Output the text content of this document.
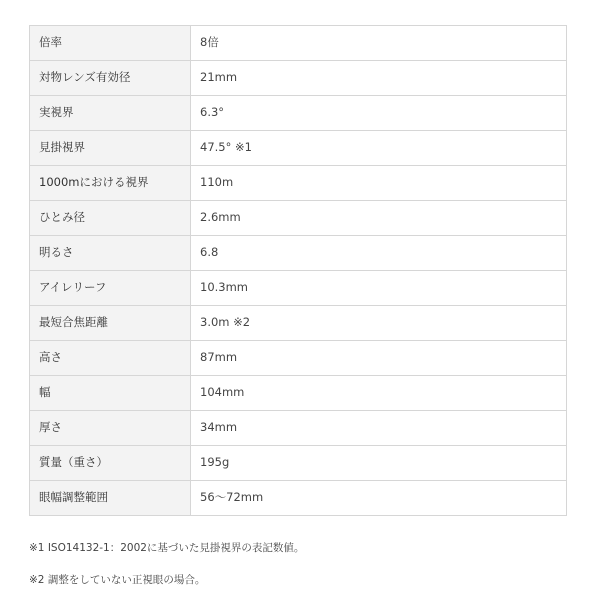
倍率	8倍
対物レンズ有効径	21mm
実視界	6.3°
見掛視界	47.5° ※1
1000mにおける視界	110m
ひとみ径	2.6mm
明るさ	6.8
アイレリーフ	10.3mm
最短合焦距離	3.0m ※2
高さ	87mm
幅	104mm
厚さ	34mm
質量（重さ）	195g
眼幅調整範囲	56～72mm
※1 ISO14132-1：2002に基づいた見掛視界の表記数値。
※2 調整をしていない正視眼の場合。
